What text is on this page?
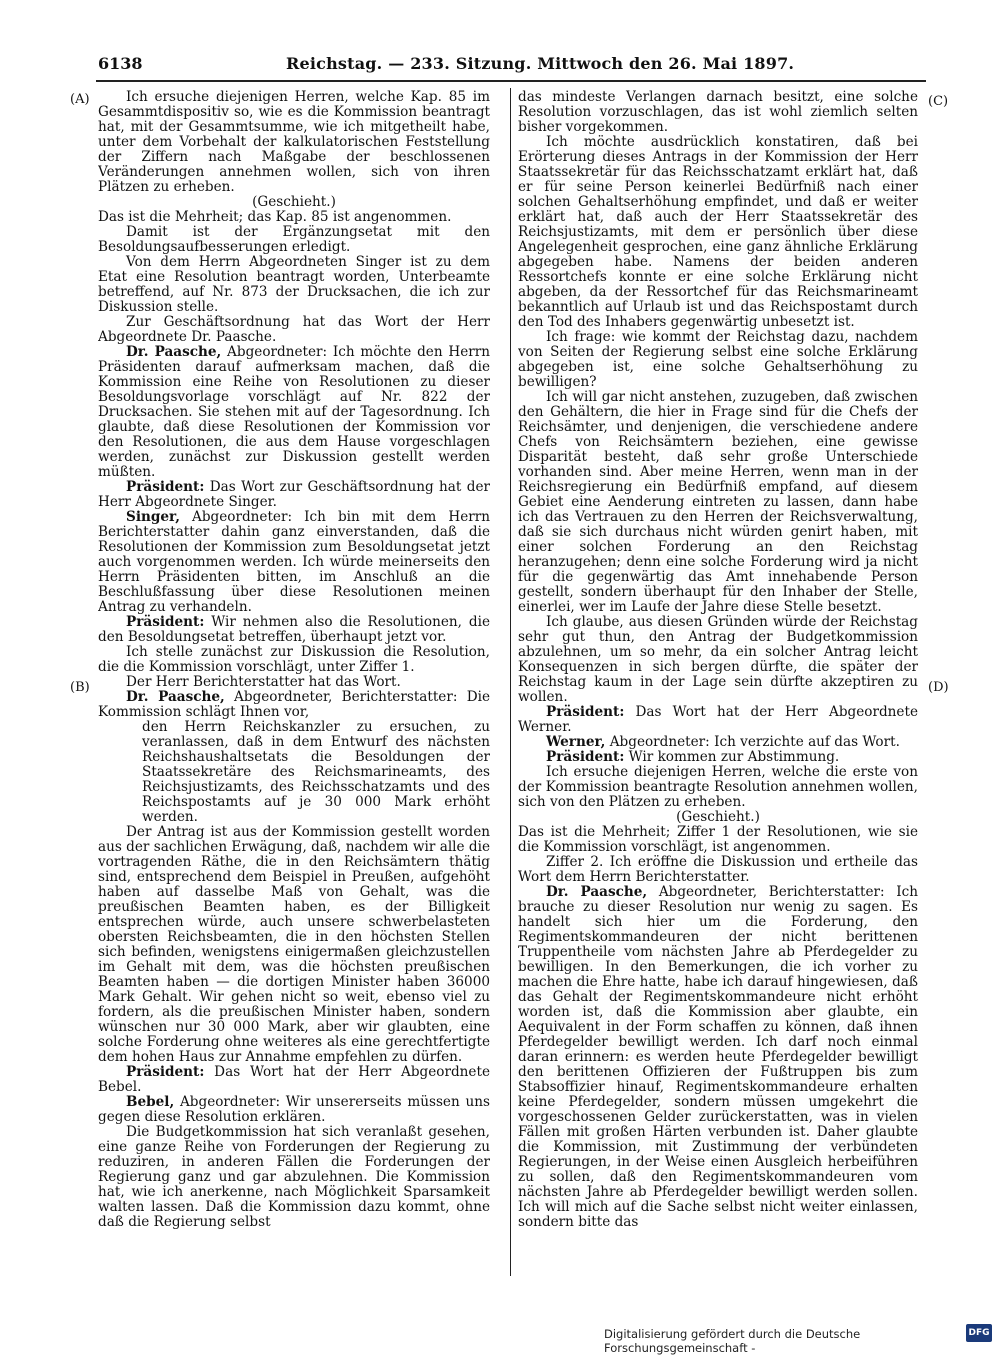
6138	Reichstag. — 233. Sitzung. Mittwoch den 26. Mai 1897.
(A)
(B)
(C)
(D)

Ich ersuche diejenigen Herren, welche Kap. 85 im Gesammtdispositiv so, wie es die Kommission beantragt hat, mit der Gesammtsumme, wie ich mitgetheilt habe, unter dem Vorbehalt der kalkulatorischen Feststellung der Ziffern nach Maßgabe der beschlossenen Veränderungen annehmen wollen, sich von ihren Plätzen zu erheben.

(Geschieht.)

Das ist die Mehrheit; das Kap. 85 ist angenommen.

Damit ist der Ergänzungsetat mit den Besoldungsaufbesserungen erledigt.

Von dem Herrn Abgeordneten Singer ist zu dem Etat eine Resolution beantragt worden, Unterbeamte betreffend, auf Nr. 873 der Drucksachen, die ich zur Diskussion stelle.

Zur Geschäftsordnung hat das Wort der Herr Abgeordnete Dr. Paasche.

Dr. Paasche, Abgeordneter: Ich möchte den Herrn Präsidenten darauf aufmerksam machen, daß die Kommission eine Reihe von Resolutionen zu dieser Besoldungsvorlage vorschlägt auf Nr. 822 der Drucksachen. Sie stehen mit auf der Tagesordnung. Ich glaubte, daß diese Resolutionen der Kommission vor den Resolutionen, die aus dem Hause vorgeschlagen werden, zunächst zur Diskussion gestellt werden müßten.

Präsident: Das Wort zur Geschäftsordnung hat der Herr Abgeordnete Singer.

Singer, Abgeordneter: Ich bin mit dem Herrn Berichterstatter dahin ganz einverstanden, daß die Resolutionen der Kommission zum Besoldungsetat jetzt auch vorgenommen werden. Ich würde meinerseits den Herrn Präsidenten bitten, im Anschluß an die Beschlußfassung über diese Resolutionen meinen Antrag zu verhandeln.

Präsident: Wir nehmen also die Resolutionen, die den Besoldungsetat betreffen, überhaupt jetzt vor.

Ich stelle zunächst zur Diskussion die Resolution, die die Kommission vorschlägt, unter Ziffer 1.

Der Herr Berichterstatter hat das Wort.

Dr. Paasche, Abgeordneter, Berichterstatter: Die Kommission schlägt Ihnen vor,

den Herrn Reichskanzler zu ersuchen, zu veranlassen, daß in dem Entwurf des nächsten Reichshaushaltsetats die Besoldungen der Staatssekretäre des Reichsmarineamts, des Reichsjustizamts, des Reichsschatzamts und des Reichspostamts auf je 30 000 Mark erhöht werden.

Der Antrag ist aus der Kommission gestellt worden aus der sachlichen Erwägung, daß, nachdem wir alle die vortragenden Räthe, die in den Reichsämtern thätig sind, entsprechend dem Beispiel in Preußen, aufgehöht haben auf dasselbe Maß von Gehalt, was die preußischen Beamten haben, es der Billigkeit entsprechen würde, auch unsere schwerbelasteten obersten Reichsbeamten, die in den höchsten Stellen sich befinden, wenigstens einigermaßen gleichzustellen im Gehalt mit dem, was die höchsten preußischen Beamten haben — die dortigen Minister haben 36000 Mark Gehalt. Wir gehen nicht so weit, ebenso viel zu fordern, als die preußischen Minister haben, sondern wünschen nur 30 000 Mark, aber wir glaubten, eine solche Forderung ohne weiteres als eine gerechtfertigte dem hohen Haus zur Annahme empfehlen zu dürfen.

Präsident: Das Wort hat der Herr Abgeordnete Bebel.

Bebel, Abgeordneter: Wir unsererseits müssen uns gegen diese Resolution erklären.

Die Budgetkommission hat sich veranlaßt gesehen, eine ganze Reihe von Forderungen der Regierung zu reduziren, in anderen Fällen die Forderungen der Regierung ganz und gar abzulehnen. Die Kommission hat, wie ich anerkenne, nach Möglichkeit Sparsamkeit walten lassen. Daß die Kommission dazu kommt, ohne daß die Regierung selbst

das mindeste Verlangen darnach besitzt, eine solche Resolution vorzuschlagen, das ist wohl ziemlich selten bisher vorgekommen.

Ich möchte ausdrücklich konstatiren, daß bei Erörterung dieses Antrags in der Kommission der Herr Staatssekretär für das Reichsschatzamt erklärt hat, daß er für seine Person keinerlei Bedürfniß nach einer solchen Gehaltserhöhung empfindet, und daß er weiter erklärt hat, daß auch der Herr Staatssekretär des Reichsjustizamts, mit dem er persönlich über diese Angelegenheit gesprochen, eine ganz ähnliche Erklärung abgegeben habe. Namens der beiden anderen Ressortchefs konnte er eine solche Erklärung nicht abgeben, da der Ressortchef für das Reichsmarineamt bekanntlich auf Urlaub ist und das Reichspostamt durch den Tod des Inhabers gegenwärtig unbesetzt ist.

Ich frage: wie kommt der Reichstag dazu, nachdem von Seiten der Regierung selbst eine solche Erklärung abgegeben ist, eine solche Gehaltserhöhung zu bewilligen?

Ich will gar nicht anstehen, zuzugeben, daß zwischen den Gehältern, die hier in Frage sind für die Chefs der Reichsämter, und denjenigen, die verschiedene andere Chefs von Reichsämtern beziehen, eine gewisse Disparität besteht, daß sehr große Unterschiede vorhanden sind. Aber meine Herren, wenn man in der Reichsregierung ein Bedürfniß empfand, auf diesem Gebiet eine Aenderung eintreten zu lassen, dann habe ich das Vertrauen zu den Herren der Reichsverwaltung, daß sie sich durchaus nicht würden genirt haben, mit einer solchen Forderung an den Reichstag heranzugehen; denn eine solche Forderung wird ja nicht für die gegenwärtig das Amt innehabende Person gestellt, sondern überhaupt für den Inhaber der Stelle, einerlei, wer im Laufe der Jahre diese Stelle besetzt.

Ich glaube, aus diesen Gründen würde der Reichstag sehr gut thun, den Antrag der Budgetkommission abzulehnen, um so mehr, da ein solcher Antrag leicht Konsequenzen in sich bergen dürfte, die später der Reichstag kaum in der Lage sein dürfte akzeptiren zu wollen.

Präsident: Das Wort hat der Herr Abgeordnete Werner.

Werner, Abgeordneter: Ich verzichte auf das Wort.

Präsident: Wir kommen zur Abstimmung.

Ich ersuche diejenigen Herren, welche die erste von der Kommission beantragte Resolution annehmen wollen, sich von den Plätzen zu erheben.

(Geschieht.)

Das ist die Mehrheit; Ziffer 1 der Resolutionen, wie sie die Kommission vorschlägt, ist angenommen.

Ziffer 2. Ich eröffne die Diskussion und ertheile das Wort dem Herrn Berichterstatter.

Dr. Paasche, Abgeordneter, Berichterstatter: Ich brauche zu dieser Resolution nur wenig zu sagen. Es handelt sich hier um die Forderung, den Regimentskommandeuren der nicht berittenen Truppentheile vom nächsten Jahre ab Pferdegelder zu bewilligen. In den Bemerkungen, die ich vorher zu machen die Ehre hatte, habe ich darauf hingewiesen, daß das Gehalt der Regimentskommandeure nicht erhöht worden ist, daß die Kommission aber glaubte, ein Aequivalent in der Form schaffen zu können, daß ihnen Pferdegelder bewilligt werden. Ich darf noch einmal daran erinnern: es werden heute Pferdegelder bewilligt den berittenen Offizieren der Fußtruppen bis zum Stabsoffizier hinauf, Regimentskommandeure erhalten keine Pferdegelder, sondern müssen umgekehrt die vorgeschossenen Gelder zurückerstatten, was in vielen Fällen mit großen Härten verbunden ist. Daher glaubte die Kommission, mit Zustimmung der verbündeten Regierungen, in der Weise einen Ausgleich herbeiführen zu sollen, daß den Regimentskommandeuren vom nächsten Jahre ab Pferdegelder bewilligt werden sollen. Ich will mich auf die Sache selbst nicht weiter einlassen, sondern bitte das

Digitalisierung gefördert durch die Deutsche Forschungsgemeinschaft -
DFG
